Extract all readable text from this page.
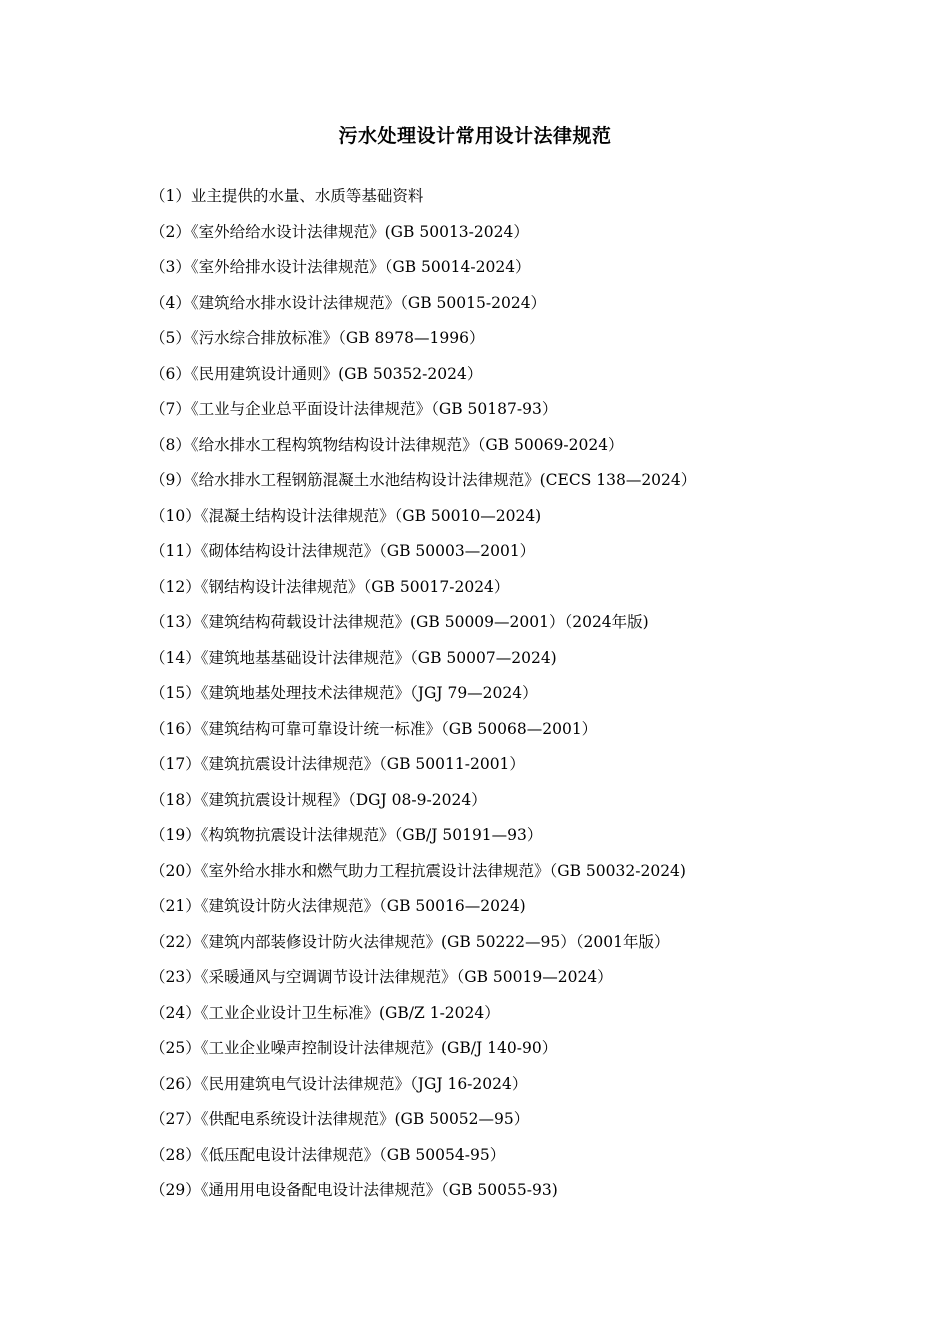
污水处理设计常用设计法律规范
（1）业主提供的水量、水质等基础资料
（2）《室外给给水设计法律规范》(GB 50013-2024）
（3）《室外给排水设计法律规范》（GB 50014-2024）
（4）《建筑给水排水设计法律规范》（GB 50015-2024）
（5）《污水综合排放标准》（GB 8978—1996）
（6）《民用建筑设计通则》(GB 50352-2024）
（7）《工业与企业总平面设计法律规范》（GB 50187-93）
（8）《给水排水工程构筑物结构设计法律规范》（GB 50069-2024）
（9）《给水排水工程钢筋混凝土水池结构设计法律规范》(CECS 138—2024）
（10）《混凝土结构设计法律规范》（GB 50010—2024)
（11）《砌体结构设计法律规范》（GB 50003—2001）
（12）《钢结构设计法律规范》（GB 50017-2024）
（13）《建筑结构荷载设计法律规范》(GB 50009—2001）（2024年版)
（14）《建筑地基基础设计法律规范》（GB 50007—2024)
（15）《建筑地基处理技术法律规范》（JGJ 79—2024）
（16）《建筑结构可靠可靠设计统一标准》（GB 50068—2001）
（17）《建筑抗震设计法律规范》（GB 50011-2001）
（18）《建筑抗震设计规程》（DGJ 08-9-2024）
（19）《构筑物抗震设计法律规范》（GB/J 50191—93）
（20）《室外给水排水和燃气助力工程抗震设计法律规范》（GB 50032-2024)
（21）《建筑设计防火法律规范》（GB 50016—2024)
（22）《建筑内部装修设计防火法律规范》(GB 50222—95）（2001年版）
（23）《采暖通风与空调调节设计法律规范》（GB 50019—2024）
（24）《工业企业设计卫生标准》(GB/Z 1-2024）
（25）《工业企业噪声控制设计法律规范》(GB/J 140-90）
（26）《民用建筑电气设计法律规范》（JGJ 16-2024）
（27）《供配电系统设计法律规范》(GB 50052—95）
（28）《低压配电设计法律规范》（GB 50054-95）
（29）《通用用电设备配电设计法律规范》（GB 50055-93)
